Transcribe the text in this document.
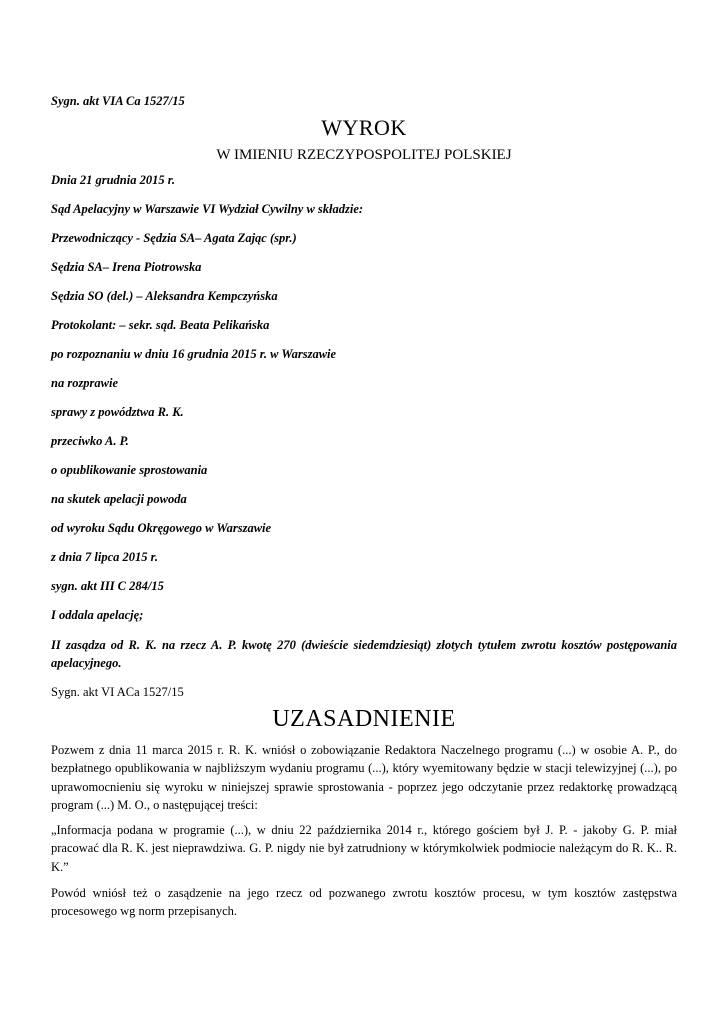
Sygn. akt VIA Ca 1527/15

WYROK
W IMIENIU RZECZYPOSPOLITEJ POLSKIEJ

Dnia 21 grudnia 2015 r.

Sąd Apelacyjny w Warszawie VI Wydział Cywilny w składzie:

Przewodniczący - Sędzia SA– Agata Zając (spr.)

Sędzia SA– Irena Piotrowska

Sędzia SO (del.) – Aleksandra Kempczyńska

Protokolant: – sekr. sąd. Beata Pelikańska

po rozpoznaniu w dniu 16 grudnia 2015 r. w Warszawie

na rozprawie

sprawy z powództwa R. K.

przeciwko A. P.

o opublikowanie sprostowania

na skutek apelacji powoda

od wyroku Sądu Okręgowego w Warszawie

z dnia 7 lipca 2015 r.

sygn. akt III C 284/15

I oddala apelację;

II zasądza od R. K. na rzecz A. P. kwotę 270 (dwieście siedemdziesiąt) złotych tytułem zwrotu kosztów postępowania apelacyjnego.

Sygn. akt VI ACa 1527/15

UZASADNIENIE

Pozwem z dnia 11 marca 2015 r. R. K. wniósł o zobowiązanie Redaktora Naczelnego programu (...) w osobie A. P., do bezpłatnego opublikowania w najbliższym wydaniu programu (...), który wyemitowany będzie w stacji telewizyjnej (...), po uprawomocnieniu się wyroku w niniejszej sprawie sprostowania - poprzez jego odczytanie przez redaktorkę prowadzącą program (...) M. O., o następującej treści:

„Informacja podana w programie (...), w dniu 22 października 2014 r., którego gościem był J. P. - jakoby G. P. miał pracować dla R. K. jest nieprawdziwa. G. P. nigdy nie był zatrudniony w którymkolwiek podmiocie należącym do R. K.. R. K.”

Powód wniósł też o zasądzenie na jego rzecz od pozwanego zwrotu kosztów procesu, w tym kosztów zastępstwa procesowego wg norm przepisanych.
